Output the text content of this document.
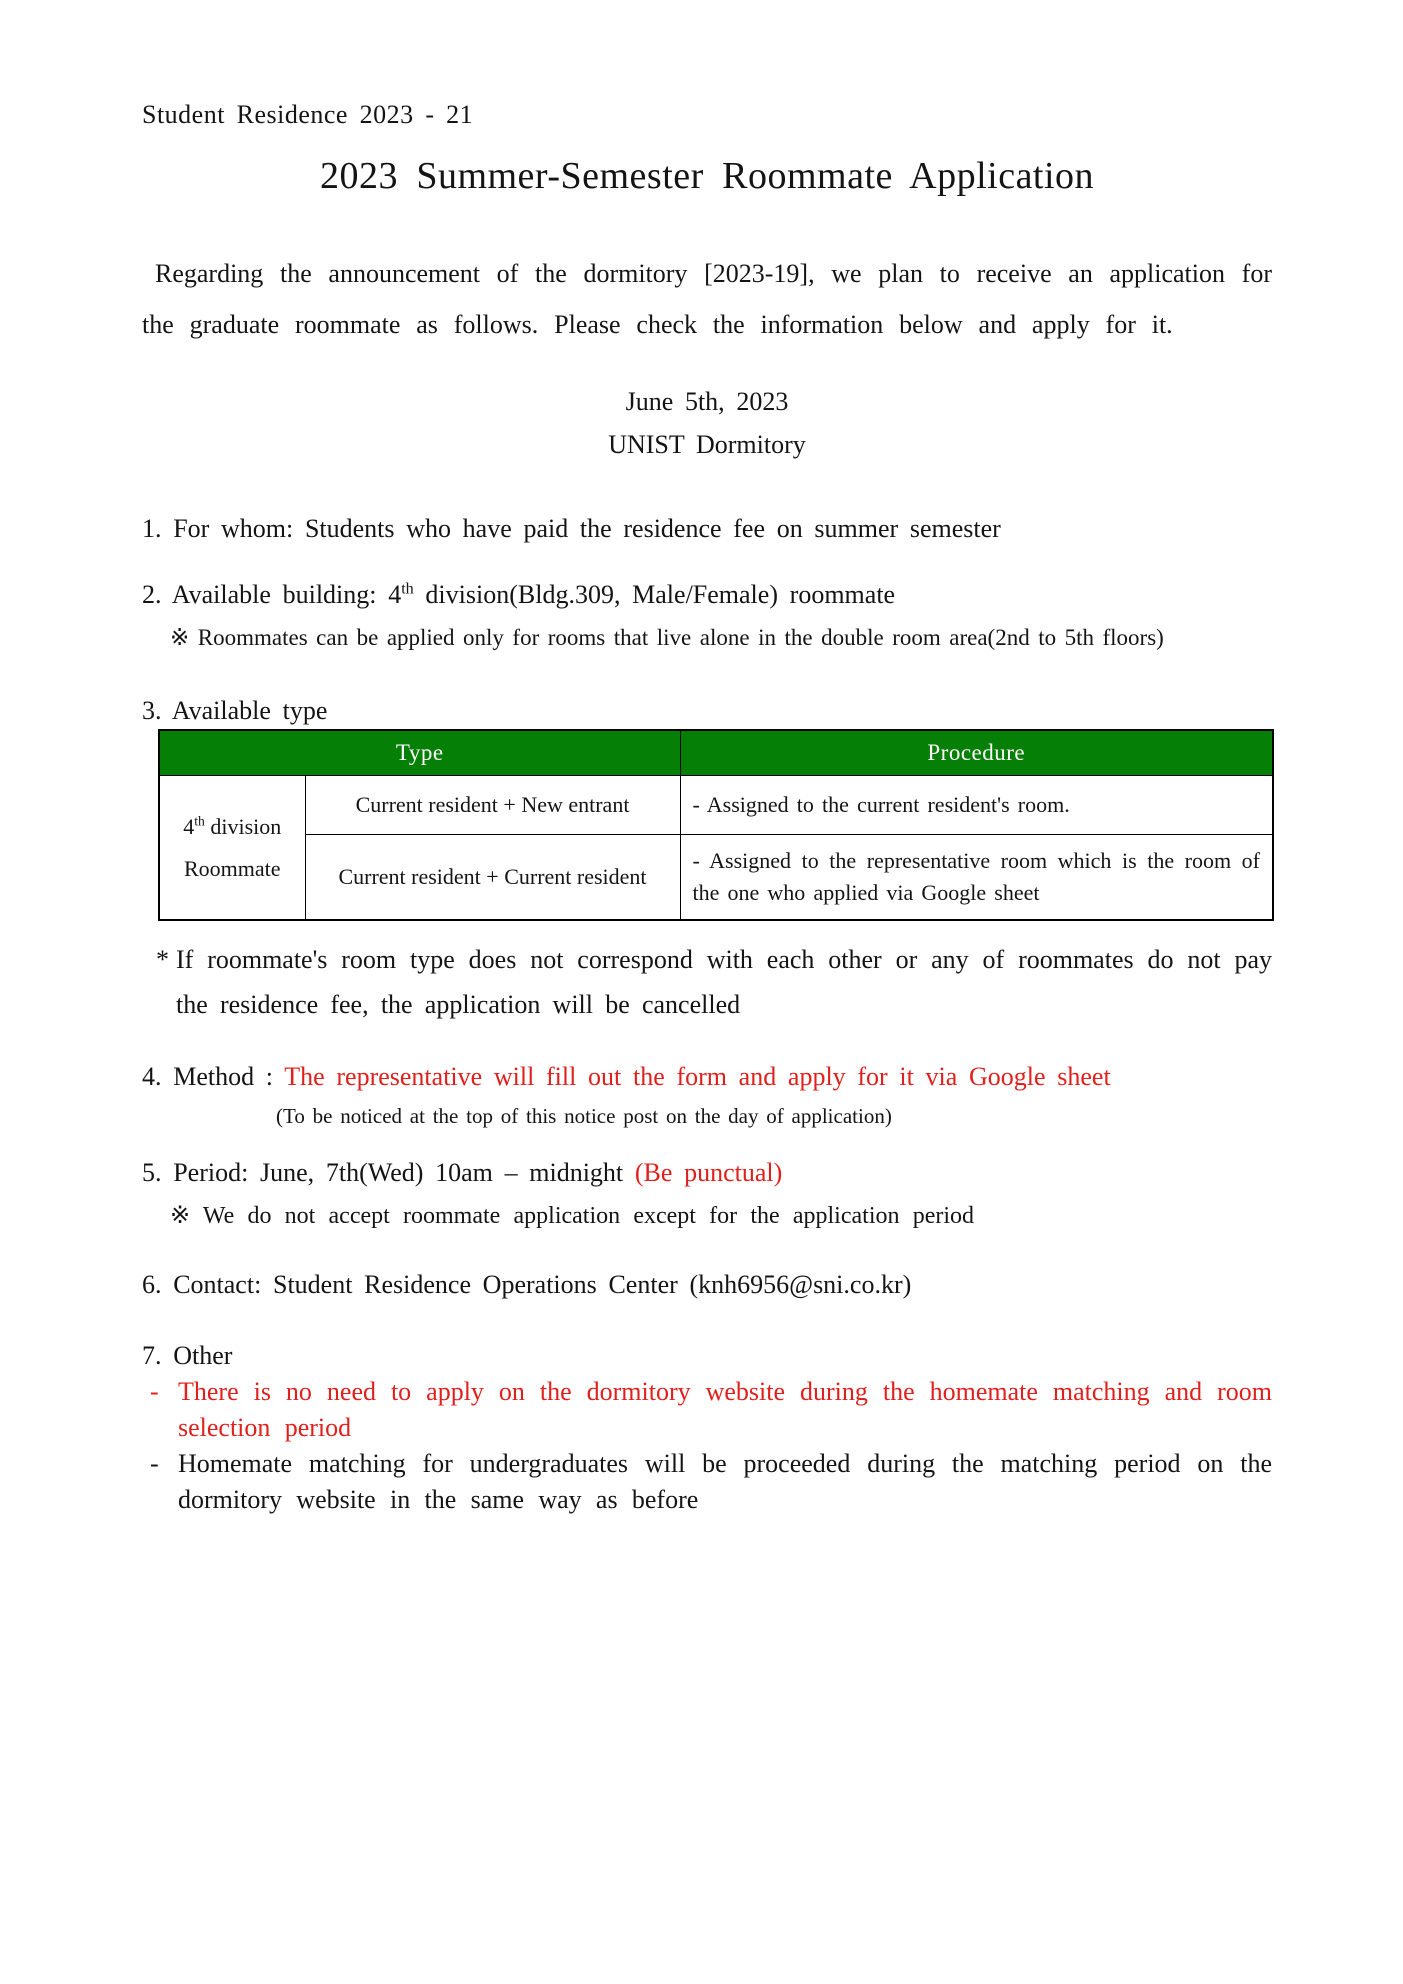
Student Residence 2023 - 21
2023 Summer-Semester Roommate Application
Regarding the announcement of the dormitory [2023-19], we plan to receive an application for the graduate roommate as follows. Please check the information below and apply for it.
June 5th, 2023
UNIST Dormitory
1. For whom: Students who have paid the residence fee on summer semester
2. Available building: 4th division(Bldg.309, Male/Female) roommate
※ Roommates can be applied only for rooms that live alone in the double room area(2nd to 5th floors)
3. Available type
Type		Procedure

4th division
Roommate	Current resident + New entrant	- Assigned to the current resident's room.
	Current resident + Current resident	- Assigned to the representative room which is the room of the one who applied via Google sheet
* If roommate's room type does not correspond with each other or any of roommates do not pay the residence fee, the application will be cancelled
4. Method : The representative will fill out the form and apply for it via Google sheet
(To be noticed at the top of this notice post on the day of application)
5. Period: June, 7th(Wed) 10am – midnight (Be punctual)
※ We do not accept roommate application except for the application period
6. Contact: Student Residence Operations Center (knh6956@sni.co.kr)
7. Other
- There is no need to apply on the dormitory website during the homemate matching and room selection period
- Homemate matching for undergraduates will be proceeded during the matching period on the dormitory website in the same way as before
